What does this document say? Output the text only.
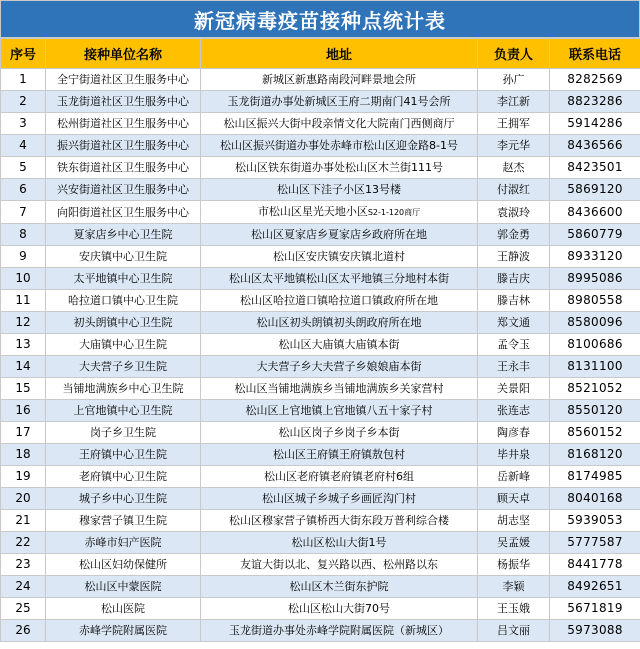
新冠病毒疫苗接种点统计表
序号	接种单位名称	地址	负责人	联系电话
1	全宁街道社区卫生服务中心	新城区新惠路南段河畔景地会所	孙广	8282569
2	玉龙街道社区卫生服务中心	玉龙街道办事处新城区王府二期南门41号会所	李江新	8823286
3	松州街道社区卫生服务中心	松山区振兴大街中段亲情文化大院南门西侧商厅	王拥军	5914286
4	振兴街道社区卫生服务中心	松山区振兴街道办事处赤峰市松山区迎金路8-1号	李元华	8436566
5	铁东街道社区卫生服务中心	松山区铁东街道办事处松山区木兰街111号	赵杰	8423501
6	兴安街道社区卫生服务中心	松山区下洼子小区13号楼	付淑红	5869120
7	向阳街道社区卫生服务中心	市松山区星光天地小区S2-1-120商厅	袁淑玲	8436600
8	夏家店乡中心卫生院	松山区夏家店乡夏家店乡政府所在地	郭金勇	5860779
9	安庆镇中心卫生院	松山区安庆镇安庆镇北道村	王静波	8933120
10	太平地镇中心卫生院	松山区太平地镇松山区太平地镇三分地村本街	滕吉庆	8995086
11	哈拉道口镇中心卫生院	松山区哈拉道口镇哈拉道口镇政府所在地	滕吉林	8980558
12	初头朗镇中心卫生院	松山区初头朗镇初头朗政府所在地	郑文通	8580096
13	大庙镇中心卫生院	松山区大庙镇大庙镇本街	孟令玉	8100686
14	大夫营子乡卫生院	大夫营子乡大夫营子乡娘娘庙本街	王永丰	8131100
15	当铺地满族乡中心卫生院	松山区当铺地满族乡当铺地满族乡关家营村	关景阳	8521052
16	上官地镇中心卫生院	松山区上官地镇上官地镇八五十家子村	张连志	8550120
17	岗子乡卫生院	松山区岗子乡岗子乡本街	陶彦春	8560152
18	王府镇中心卫生院	松山区王府镇王府镇敖包村	毕井泉	8168120
19	老府镇中心卫生院	松山区老府镇老府镇老府村6组	岳新峰	8174985
20	城子乡中心卫生院	松山区城子乡城子乡画匠沟门村	顾天卓	8040168
21	穆家营子镇卫生院	松山区穆家营子镇桥西大街东段万普利综合楼	胡志坚	5939053
22	赤峰市妇产医院	松山区松山大街1号	吴孟媛	5777587
23	松山区妇幼保健所	友谊大街以北、复兴路以西、松州路以东	杨振华	8441778
24	松山区中蒙医院	松山区木兰街东护院	李颖	8492651
25	松山医院	松山区松山大街70号	王玉娥	5671819
26	赤峰学院附属医院	玉龙街道办事处赤峰学院附属医院（新城区）	吕文丽	5973088
